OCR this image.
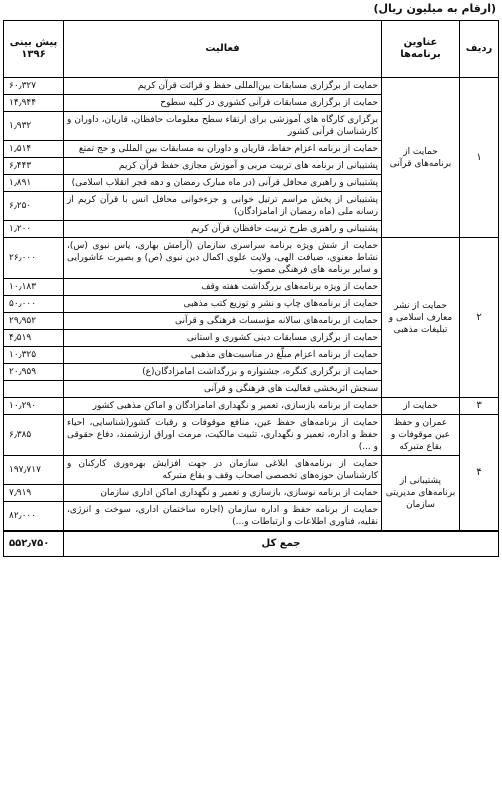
(ارقام به میلیون ریال)
ردیف	عناوین برنامه‌ها	فعالیت	پیش بینی ۱۳۹۶
۱	حمایت از برنامه‌های قرآنی	حمایت از برگزاری مسابقات بین‌المللی حفظ و قرائت قرآن کریم	۶۰٫۳۲۷
		حمایت از برگزاری مسابقات قرآنی کشوری در کلیه سطوح	۱۴٫۹۴۴
		برگزاری کارگاه های آموزشی برای ارتقاء سطح معلومات حافظان، قاریان، داوران و کارشناسان قرآنی کشور	۱٫۹۳۲
		حمایت از برنامه اعزام حفاظ، قاریان و داوران به مسابقات بین المللی و حج تمتع	۱٫۵۱۴
		پشتیبانی از برنامه های تربیت مربی و آموزش مجازی حفظ قرآن کریم	۶٫۴۴۳
		پشتیبانی و راهبری محافل قرآنی (در ماه مبارک رمضان و دهه فجر انقلاب اسلامی)	۱٫۸۹۱
		پشتیبانی از پخش مراسم ترتیل خوانی و جزءخوانی محافل انس با قرآن کریم از رسانه ملی (ماه رمضان از امامزادگان)	۶٫۲۵۰
		پشتیبانی و راهبری طرح تربیت حافظان قرآن کریم	۱٫۲۰۰
۲	حمایت از نشر معارف اسلامی و تبلیغات مذهبی	حمایت از شش ویژه برنامه سراسری سازمان (آرامش بهاری، یاس نبوی (س)، نشاط معنوی، ضیافت الهی، ولایت علوی اکمال دین نبوی (ص) و بصیرت عاشورایی و سایر برنامه های فرهنگی مصوب	۲۶٫۰۰۰
		حمایت از ویژه برنامه‌های بزرگداشت هفته وقف	۱۰٫۱۸۳
		حمایت از برنامه‌های چاپ و نشر و توزیع کتب مذهبی	۵۰٫۰۰۰
		حمایت از برنامه‌های سالانه مؤسسات فرهنگی و قرآنی	۲۹٫۹۵۲
		حمایت از برگزاری مسابقات دینی کشوری و استانی	۴٫۵۱۹
		حمایت از برنامه اعزام مبلّغ در مناسبت‌های مذهبی	۱۰٫۳۲۵
		حمایت از برگزاری کنگره، جشنواره و بزرگداشت امامزادگان(ع)	۲۰٫۹۵۹
		سنجش اثربخشی فعالیت های فرهنگی و قرآنی	
۳	حمایت از	حمایت از برنامه بازسازی، تعمیر و نگهداری امامزادگان و اماکن مذهبی کشور	۱۰٫۲۹۰
۴	عمران و حفظ عین موقوفات و بقاع متبرکه	حمایت از برنامه‌های حفظ عین، منافع موقوفات و رقبات کشور(شناسایی، احیاء حفظ و اداره، تعمیر و نگهداری، تثبیت مالکیت، مرمت اوراق ارزشمند، دفاع حقوقی و ...)	۶٫۳۸۵
	پشتیبانی از برنامه‌های مدیریتی سازمان	حمایت از برنامه‌های ابلاغی سازمان در جهت افزایش بهره‌وری کارکنان و کارشناسان حوزه‌های تخصصی اصحاب وقف و بقاع متبرکه	۱۹۷٫۷۱۷
		حمایت از برنامه نوسازی، بازسازی و تعمیر و نگهداری اماکن اداری سازمان	۷٫۹۱۹
		حمایت از برنامه حفظ و اداره سازمان (اجاره ساختمان اداری، سوخت و انرژی، نقلیه، فناوری اطلاعات و ارتباطات و...)	۸۲٫۰۰۰
جمع کل			۵۵۲٫۷۵۰
